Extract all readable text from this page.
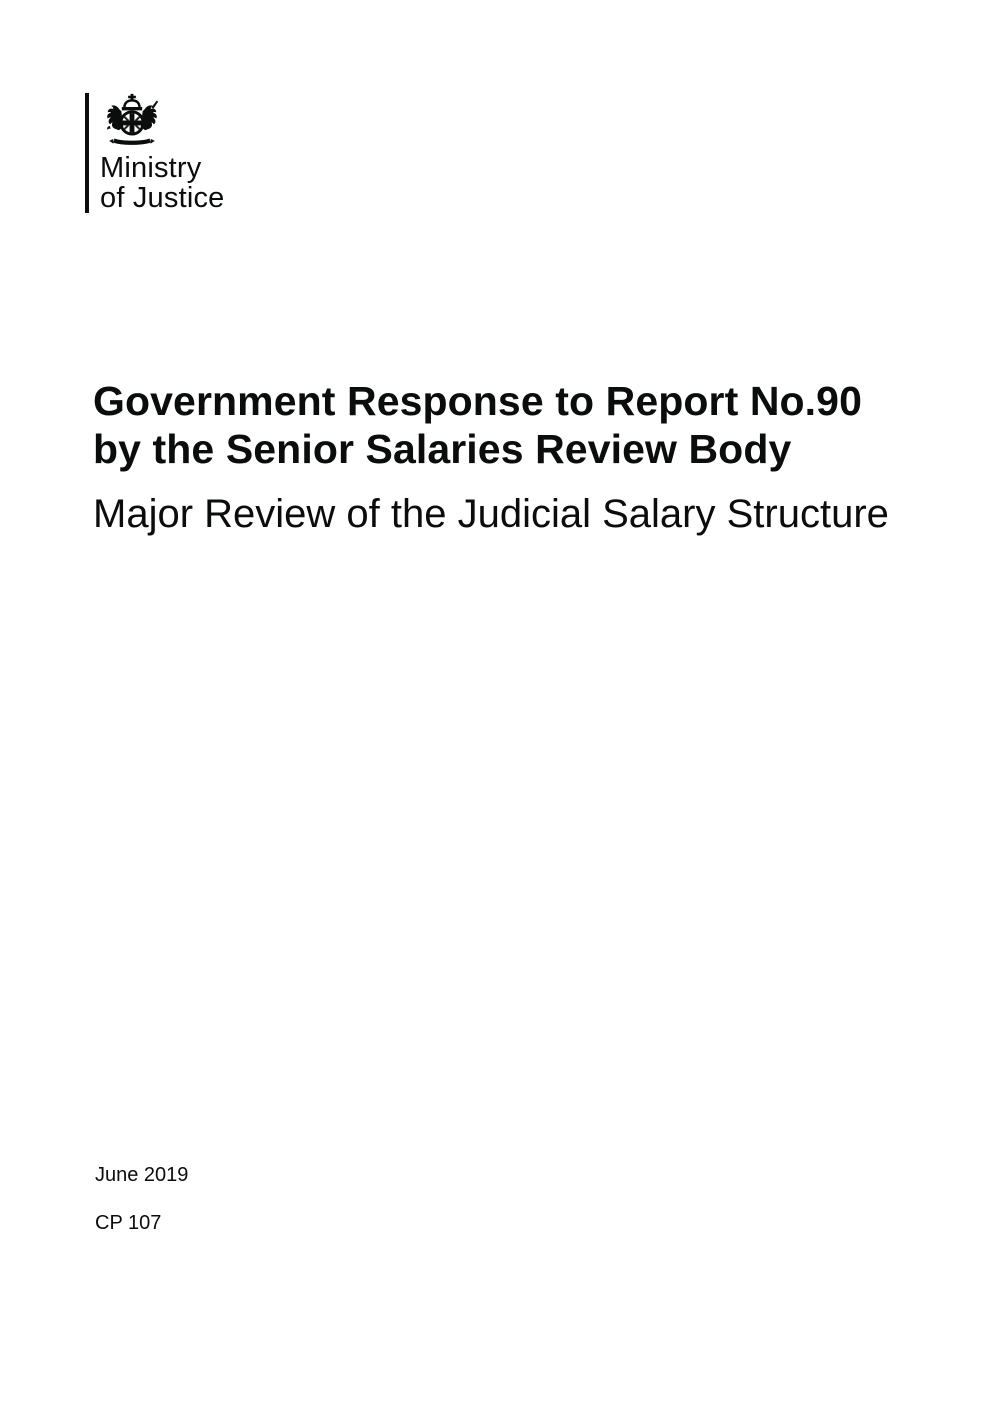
Ministry
of Justice
Government Response to Report No.90
by the Senior Salaries Review Body
Major Review of the Judicial Salary Structure

June 2019

CP 107
